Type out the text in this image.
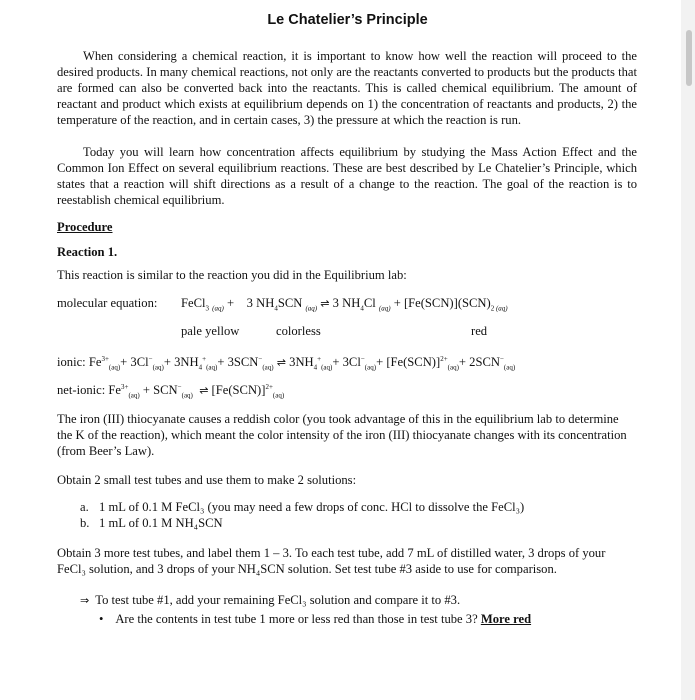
Le Chatelier’s Principle
When considering a chemical reaction, it is important to know how well the reaction will proceed to the desired products. In many chemical reactions, not only are the reactants converted to products but the products that are formed can also be converted back into the reactants. This is called chemical equilibrium. The amount of reactant and product which exists at equilibrium depends on 1) the concentration of reactants and products, 2) the temperature of the reaction, and in certain cases, 3) the pressure at which the reaction is run.
Today you will learn how concentration affects equilibrium by studying the Mass Action Effect and the Common Ion Effect on several equilibrium reactions. These are best described by Le Chatelier’s Principle, which states that a reaction will shift directions as a result of a change to the reaction. The goal of the reaction is to reestablish chemical equilibrium.
Procedure
Reaction 1.
This reaction is similar to the reaction you did in the Equilibrium lab:
molecular equation: FeCl$_3$ $_{(aq)}$ +    3 $NH_4SCN$ $_{(aq)}$ ⇌ 3 $NH_4Cl$ $_{(aq)} + [Fe(SCN)](SCN)_{2 (aq)}$
pale yellow	colorless	red
ionic: $Fe^{3+}_{(aq)}+ 3Cl^-_{(aq)}+ 3NH_4^+_{(aq)}+ 3SCN^-_{(aq)}$ ⇌ $3NH_4^+_{(aq)}+ 3Cl^-_{(aq)}+ [Fe(SCN)]^{2+}_{(aq)}+ 2SCN^-_{(aq)}$
net-ionic: $Fe^{3+}_{(aq)} + SCN^-_{(aq)}$ ⇌ $[Fe(SCN)]^{2+}_{(aq)}$
The iron (III) thiocyanate causes a reddish color (you took advantage of this in the equilibrium lab to determine the K of the reaction), which meant the color intensity of the iron (III) thiocyanate changes with its concentration (from Beer’s Law).
Obtain 2 small test tubes and use them to make 2 solutions:
a. 1 mL of 0.1 M FeCl₃ (you may need a few drops of conc. HCl to dissolve the FeCl₃)
b. 1 mL of 0.1 M NH₄SCN
Obtain 3 more test tubes, and label them 1 – 3. To each test tube, add 7 mL of distilled water, 3 drops of your FeCl₃ solution, and 3 drops of your NH₄SCN solution. Set test tube #3 aside to use for comparison.
⇒ To test tube #1, add your remaining FeCl₃ solution and compare it to #3.
• Are the contents in test tube 1 more or less red than those in test tube 3? More red
